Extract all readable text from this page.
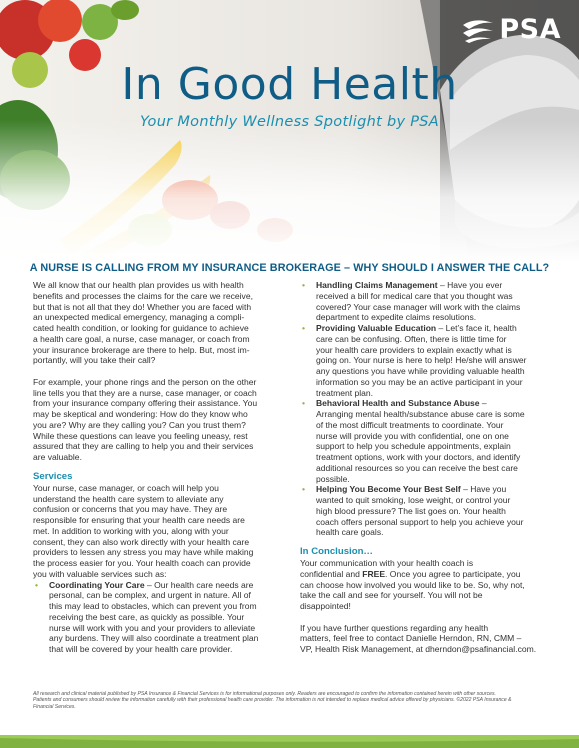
PSA
In Good Health
Your Monthly Wellness Spotlight by PSA
A NURSE IS CALLING FROM MY INSURANCE BROKERAGE – WHY SHOULD I ANSWER THE CALL?

We all know that our health plan provides us with health
benefits and processes the claims for the care we receive,
but that is not all that they do! Whether you are faced with
an unexpected medical emergency, managing a compli-
cated health condition, or looking for guidance to achieve
a health care goal, a nurse, case manager, or coach from
your insurance brokerage are there to help. But, most im-
portantly, will you take their call?

For example, your phone rings and the person on the other
line tells you that they are a nurse, case manager, or coach
from your insurance company offering their assistance. You
may be skeptical and wondering: How do they know who
you are? Why are they calling you? Can you trust them?
While these questions can leave you feeling uneasy, rest
assured that they are calling to help you and their services
are valuable.

Services

Your nurse, case manager, or coach will help you
understand the health care system to alleviate any
confusion or concerns that you may have. They are
responsible for ensuring that your health care needs are
met. In addition to working with you, along with your
consent, they can also work directly with your health care
providers to lessen any stress you may have while making
the process easier for you. Your health coach can provide
you with valuable services such as:

• Coordinating Your Care – Our health care needs are
personal, can be complex, and urgent in nature. All of
this may lead to obstacles, which can prevent you from
receiving the best care, as quickly as possible. Your
nurse will work with you and your providers to alleviate
any burdens. They will also coordinate a treatment plan
that will be covered by your health care provider.
• Handling Claims Management – Have you ever
received a bill for medical care that you thought was
covered? Your case manager will work with the claims
department to expedite claims resolutions.
• Providing Valuable Education – Let’s face it, health
care can be confusing. Often, there is little time for
your health care providers to explain exactly what is
going on. Your nurse is here to help! He/she will answer
any questions you have while providing valuable health
information so you may be an active participant in your
treatment plan.
• Behavioral Health and Substance Abuse –
Arranging mental health/substance abuse care is some
of the most difficult treatments to coordinate. Your
nurse will provide you with confidential, one on one
support to help you schedule appointments, explain
treatment options, work with your doctors, and identify
additional resources so you can receive the best care
possible.
• Helping You Become Your Best Self – Have you
wanted to quit smoking, lose weight, or control your
high blood pressure? The list goes on. Your health
coach offers personal support to help you achieve your
health care goals.
In Conclusion…

Your communication with your health coach is
confidential and FREE. Once you agree to participate, you
can choose how involved you would like to be. So, why not,
take the call and see for yourself. You will not be
disappointed!

If you have further questions regarding any health
matters, feel free to contact Danielle Herndon, RN, CMM –
VP, Health Risk Management, at dherndon@psafinancial.com.

All research and clinical material published by PSA Insurance & Financial Services is for informational purposes only. Readers are encouraged to confirm the information contained herein with other sources.
Patients and consumers should review the information carefully with their professional health care provider. The information is not intended to replace medical advice offered by physicians. ©2022 PSA Insurance &
Financial Services.
